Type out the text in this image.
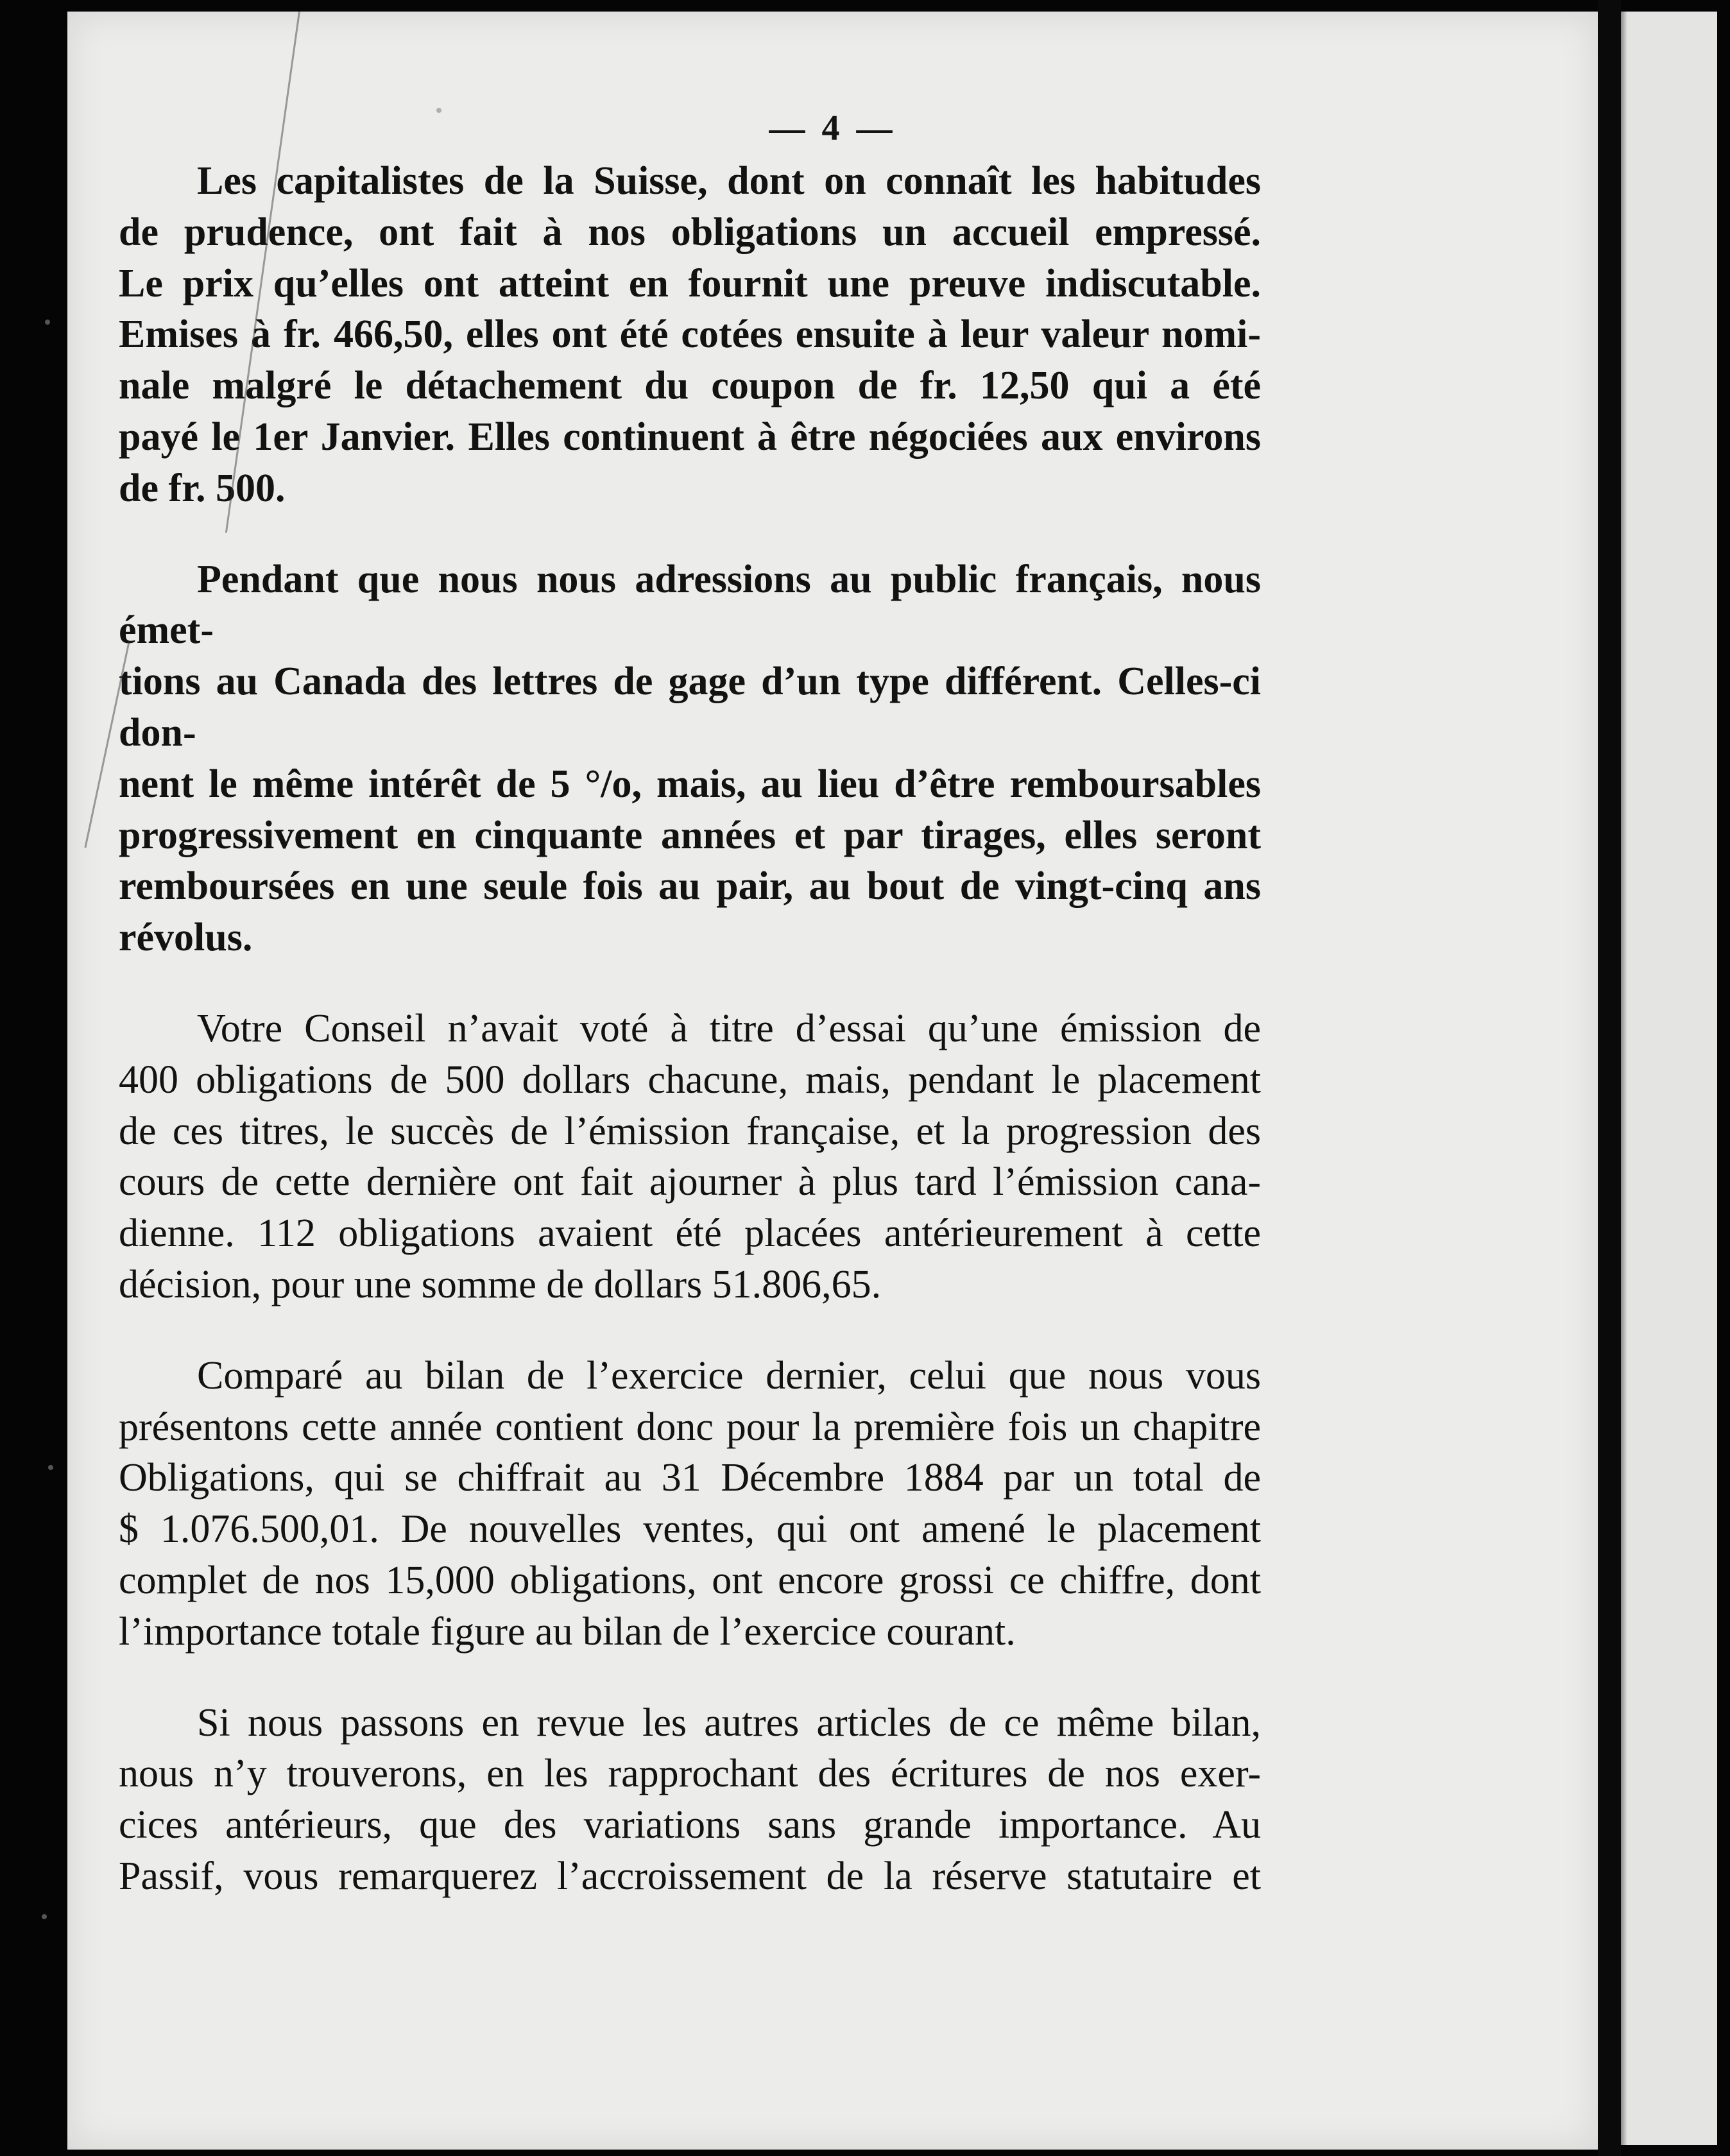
— 4 —

Les capitalistes de la Suisse, dont on connaît les habitudes
de prudence, ont fait à nos obligations un accueil empressé.
Le prix qu’elles ont atteint en fournit une preuve indiscutable.
Emises à fr. 466,50, elles ont été cotées ensuite à leur valeur nomi-
nale malgré le détachement du coupon de fr. 12,50 qui a été
payé le 1er Janvier. Elles continuent à être négociées aux environs
de fr. 500.

Pendant que nous nous adressions au public français, nous émet-
tions au Canada des lettres de gage d’un type différent. Celles-ci don-
nent le même intérêt de 5 °/o, mais, au lieu d’être remboursables
progressivement en cinquante années et par tirages, elles seront
remboursées en une seule fois au pair, au bout de vingt-cinq ans
révolus.

Votre Conseil n’avait voté à titre d’essai qu’une émission de
400 obligations de 500 dollars chacune, mais, pendant le placement
de ces titres, le succès de l’émission française, et la progression des
cours de cette dernière ont fait ajourner à plus tard l’émission cana-
dienne. 112 obligations avaient été placées antérieurement à cette
décision, pour une somme de dollars 51.806,65.

Comparé au bilan de l’exercice dernier, celui que nous vous
présentons cette année contient donc pour la première fois un chapitre
Obligations, qui se chiffrait au 31 Décembre 1884 par un total de
$ 1.076.500,01. De nouvelles ventes, qui ont amené le placement
complet de nos 15,000 obligations, ont encore grossi ce chiffre, dont
l’importance totale figure au bilan de l’exercice courant.

Si nous passons en revue les autres articles de ce même bilan,
nous n’y trouverons, en les rapprochant des écritures de nos exer-
cices antérieurs, que des variations sans grande importance. Au
Passif, vous remarquerez l’accroissement de la réserve statutaire et
